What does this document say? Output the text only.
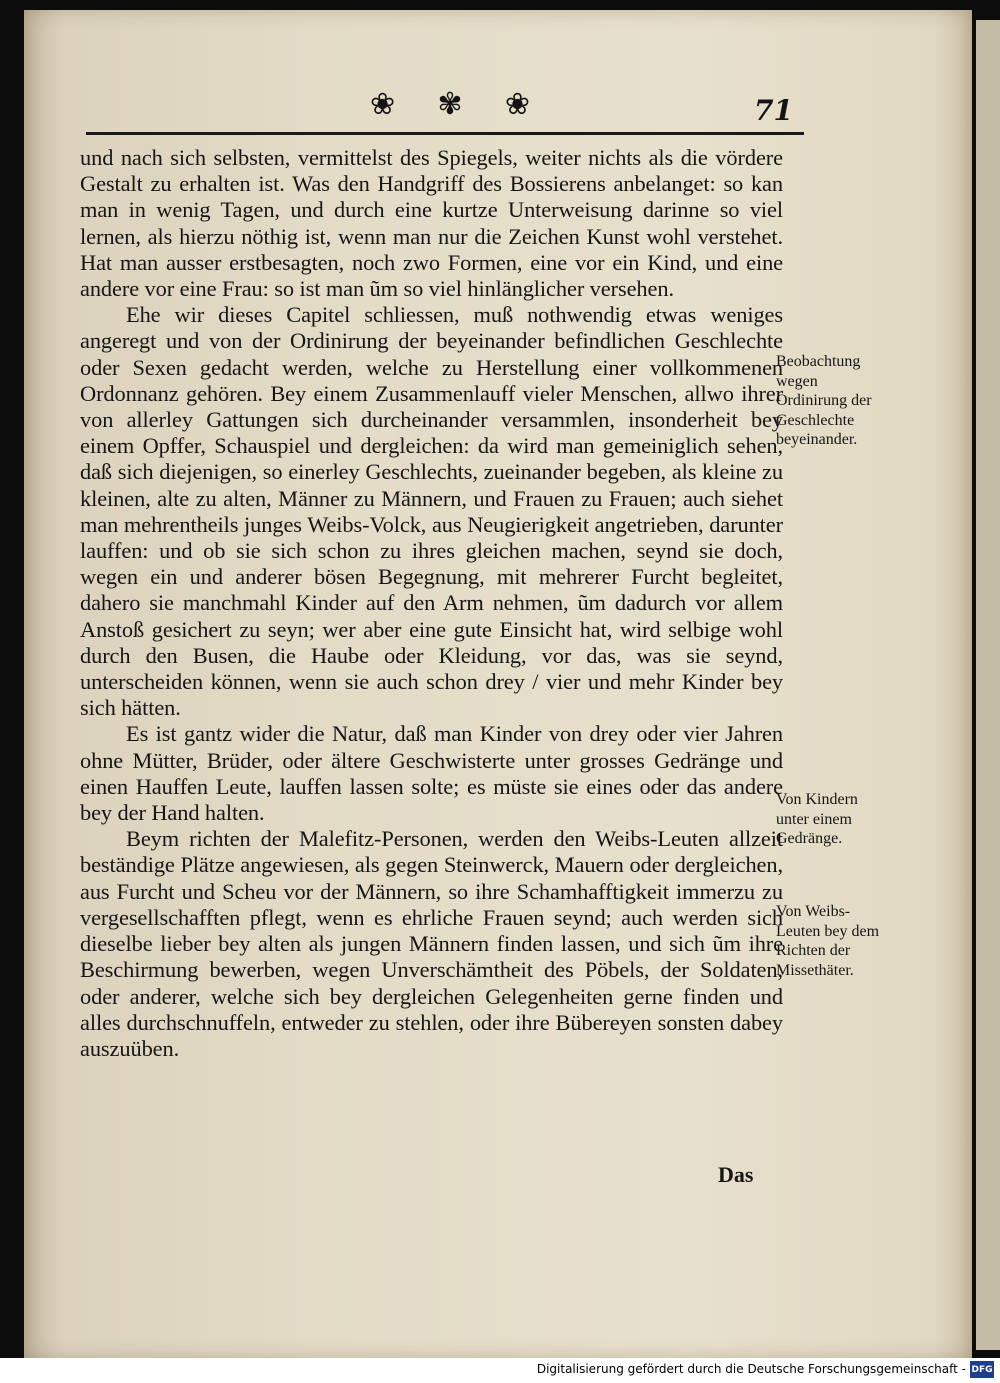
❀ ✾ ❀	71

und nach sich selbsten, vermittelst des Spiegels, weiter nichts als die vördere Gestalt zu erhalten ist. Was den Handgriff des Bossierens anbelanget: so kan man in wenig Tagen, und durch eine kurtze Unterweisung darinne so viel lernen, als hierzu nöthig ist, wenn man nur die Zeichen Kunst wohl verstehet. Hat man ausser erstbesagten, noch zwo Formen, eine vor ein Kind, und eine andere vor eine Frau: so ist man ũm so viel hinlänglicher versehen.

Ehe wir dieses Capitel schliessen, muß nothwendig etwas weniges angeregt und von der Ordinirung der beyeinander befindlichen Geschlechte oder Sexen gedacht werden, welche zu Herstellung einer vollkommenen Ordonnanz gehören. Bey einem Zusammenlauff vieler Menschen, allwo ihrer von allerley Gattungen sich durcheinander versammlen, insonderheit bey einem Opffer, Schauspiel und dergleichen: da wird man gemeiniglich sehen, daß sich diejenigen, so einerley Geschlechts, zueinander begeben, als kleine zu kleinen, alte zu alten, Männer zu Männern, und Frauen zu Frauen; auch siehet man mehrentheils junges Weibs-Volck, aus Neugierigkeit angetrieben, darunter lauffen: und ob sie sich schon zu ihres gleichen machen, seynd sie doch, wegen ein und anderer bösen Begegnung, mit mehrerer Furcht begleitet, dahero sie manchmahl Kinder auf den Arm nehmen, ũm dadurch vor allem Anstoß gesichert zu seyn; wer aber eine gute Einsicht hat, wird selbige wohl durch den Busen, die Haube oder Kleidung, vor das, was sie seynd, unterscheiden können, wenn sie auch schon drey / vier und mehr Kinder bey sich hätten.

Es ist gantz wider die Natur, daß man Kinder von drey oder vier Jahren ohne Mütter, Brüder, oder ältere Geschwisterte unter grosses Gedränge und einen Hauffen Leute, lauffen lassen solte; es müste sie eines oder das andere bey der Hand halten.

Beym richten der Malefitz-Personen, werden den Weibs-Leuten allzeit beständige Plätze angewiesen, als gegen Steinwerck, Mauern oder dergleichen, aus Furcht und Scheu vor der Männern, so ihre Schamhafftigkeit immerzu zu vergesellschafften pflegt, wenn es ehrliche Frauen seynd; auch werden sich dieselbe lieber bey alten als jungen Männern finden lassen, und sich ũm ihre Beschirmung bewerben, wegen Unverschämtheit des Pöbels, der Soldaten, oder anderer, welche sich bey dergleichen Gelegenheiten gerne finden und alles durchschnuffeln, entweder zu stehlen, oder ihre Bübereyen sonsten dabey auszuüben.

Beobachtung wegen Ordinirung der Geschlechte beyeinander.
Von Kindern unter einem Gedränge.
Von Weibs-Leuten bey dem Richten der Missethäter.
Das
Digitalisierung gefördert durch die Deutsche Forschungsgemeinschaft - DFG
